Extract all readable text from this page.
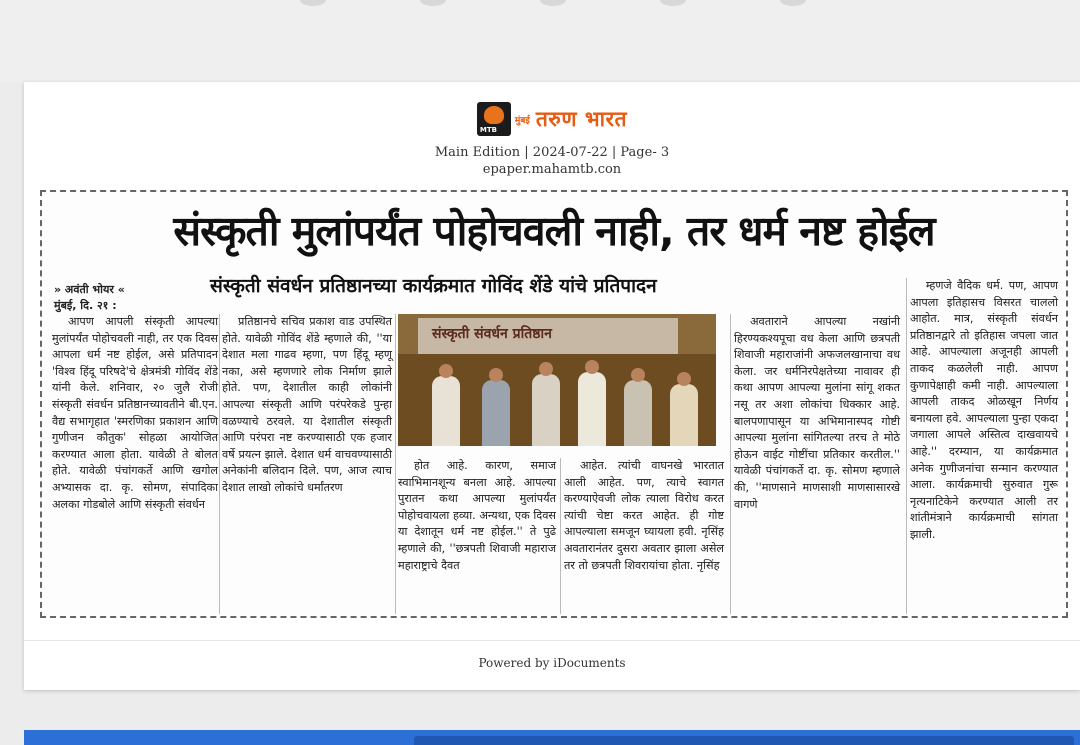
MTB
मुंबई तरुण भारत
Main Edition | 2024-07-22 | Page- 3
epaper.mahamtb.con
संस्कृती मुलांपर्यंत पोहोचवली नाही, तर धर्म नष्ट होईल
» अवंती भोयर «
मुंबई, दि. २१ :
संस्कृती संवर्धन प्रतिष्ठानच्या कार्यक्रमात गोविंद शेंडे यांचे प्रतिपादन

आपण आपली संस्कृती आपल्या मुलांपर्यंत पोहोचवली नाही, तर एक दिवस आपला धर्म नष्ट होईल, असे प्रतिपादन 'विश्व हिंदू परिषदे'चे क्षेत्रमंत्री गोविंद शेंडे यांनी केले. शनिवार, २० जुलै रोजी संस्कृती संवर्धन प्रतिष्ठानच्यावतीने बी.एन. वैद्य सभागृहात 'स्मरणिका प्रकाशन आणि गुणीजन कौतुक' सोहळा आयोजित करण्यात आला होता. यावेळी ते बोलत होते. यावेळी पंचांगकर्ते आणि खगोल अभ्यासक दा. कृ. सोमण, संपादिका अलका गोडबोले आणि संस्कृती संवर्धन

प्रतिष्ठानचे सचिव प्रकाश वाड उपस्थित होते. यावेळी गोविंद शेंडे म्हणाले की, ''या देशात मला गाढव म्हणा, पण हिंदू म्हणू नका, असे म्हणणारे लोक निर्माण झाले होते. पण, देशातील काही लोकांनी आपल्या संस्कृती आणि परंपरेकडे पुन्हा वळण्याचे ठरवले. या देशातील संस्कृती आणि परंपरा नष्ट करण्यासाठी एक हजार वर्षे प्रयत्न झाले. देशात धर्म वाचवण्यासाठी अनेकांनी बलिदान दिले. पण, आज त्याच देशात लाखो लोकांचे धर्मांतरण

संस्कृती संवर्धन प्रतिष्ठान

होत आहे. कारण, समाज स्वाभिमानशून्य बनला आहे. आपल्या पुरातन कथा आपल्या मुलांपर्यंत पोहोचवायला हव्या. अन्यथा, एक दिवस या देशातून धर्म नष्ट होईल.'' ते पुढे म्हणाले की, ''छत्रपती शिवाजी महाराज महाराष्ट्राचे दैवत

आहेत. त्यांची वाघनखे भारतात आली आहेत. पण, त्याचे स्वागत करण्याऐवजी लोक त्याला विरोध करत त्यांची चेष्टा करत आहेत. ही गोष्ट आपल्याला समजून घ्यायला हवी. नृसिंह अवतारानंतर दुसरा अवतार झाला असेल तर तो छत्रपती शिवरायांचा होता. नृसिंह

अवताराने आपल्या नखांनी हिरण्यकश्यपूचा वध केला आणि छत्रपती शिवाजी महाराजांनी अफजलखानाचा वध केला. जर धर्मनिरपेक्षतेच्या नावावर ही कथा आपण आपल्या मुलांना सांगू शकत नसू तर अशा लोकांचा धिक्कार आहे. बालपणापासून या अभिमानास्पद गोष्टी आपल्या मुलांना सांगितल्या तरच ते मोठे होऊन वाईट गोष्टींचा प्रतिकार करतील.'' यावेळी पंचांगकर्ते दा. कृ. सोमण म्हणाले की, ''माणसाने माणसाशी माणसासारखे वागणे

म्हणजे वैदिक धर्म. पण, आपण आपला इतिहासच विसरत चाललो आहोत. मात्र, संस्कृती संवर्धन प्रतिष्ठानद्वारे तो इतिहास जपला जात आहे. आपल्याला अजूनही आपली ताकद कळलेली नाही. आपण कुणापेक्षाही कमी नाही. आपल्याला आपली ताकद ओळखून निर्णय बनायला हवे. आपल्याला पुन्हा एकदा जगाला आपले अस्तित्व दाखवायचे आहे.'' दरम्यान, या कार्यक्रमात अनेक गुणीजनांचा सन्मान करण्यात आला. कार्यक्रमाची सुरुवात गुरू नृत्यनाटिकेने करण्यात आली तर शांतीमंत्राने कार्यक्रमाची सांगता झाली.

Powered by iDocuments
